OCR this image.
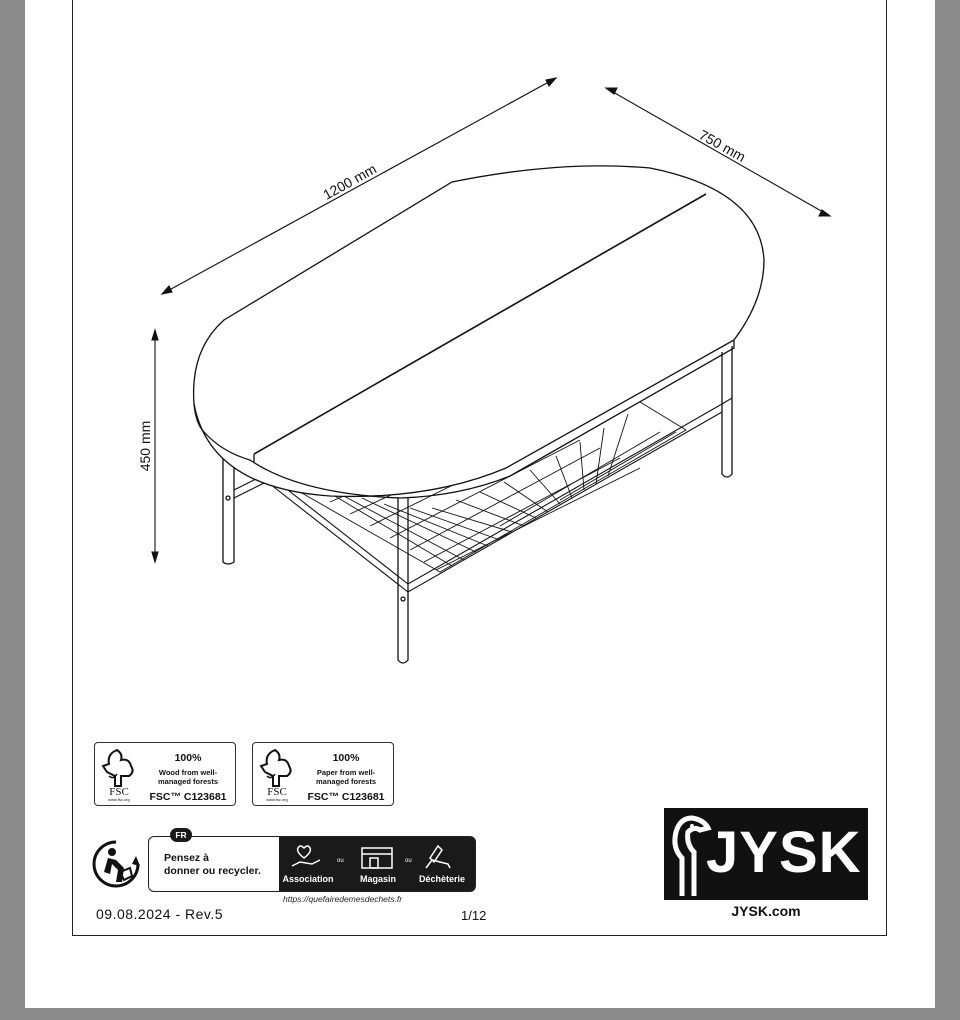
1200 mm
750 mm
450 mm
FSC
www.fsc.org
100%
Wood from well-managed forests
FSC™ C123681	FSC
www.fsc.org
100%
Paper from well-managed forests
FSC™ C123681
FR
Pensez à
donner ou recycler.
ou	ou
Association	Magasin	Déchèterie
https://quefairedemesdechets.fr
09.08.2024 - Rev.5	1/12
JYSK
JYSK.com
